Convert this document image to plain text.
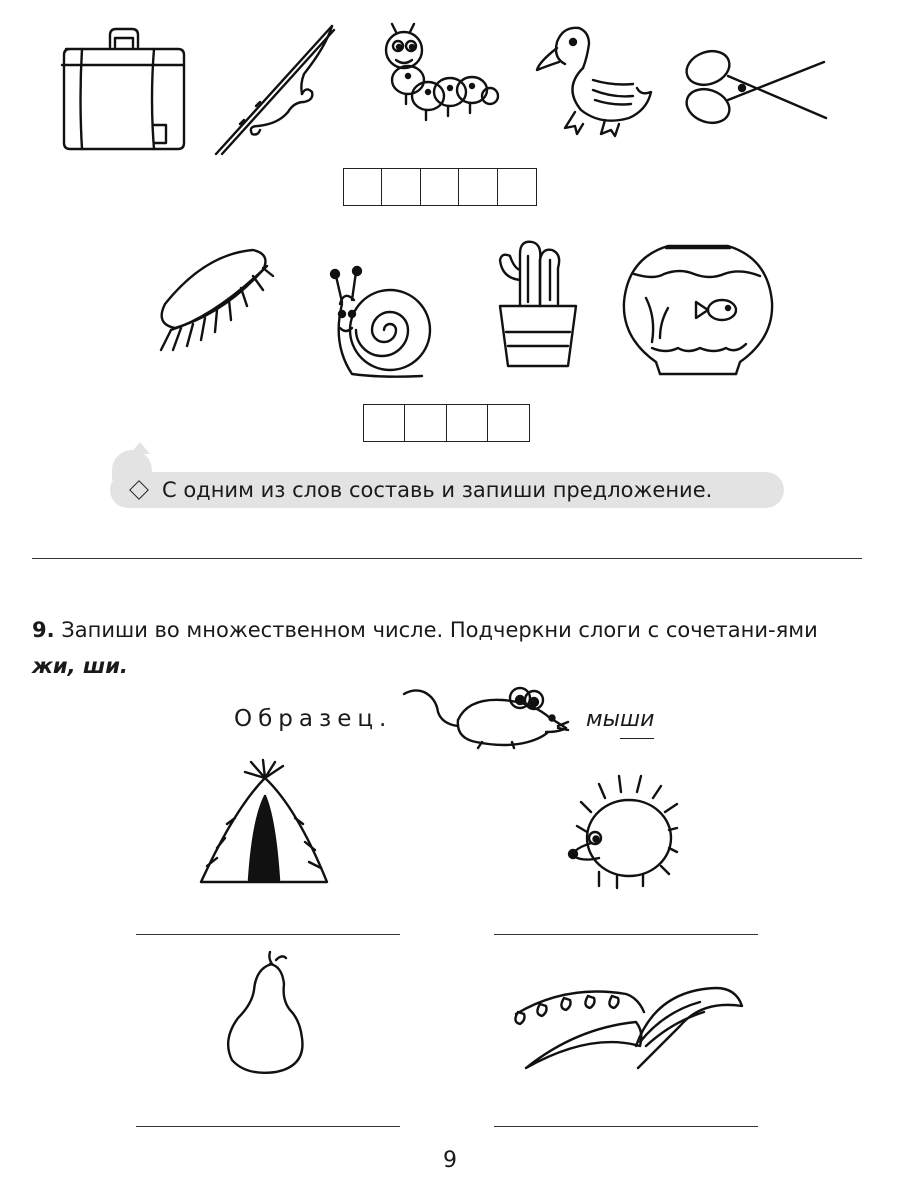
С одним из слов составь и запиши предложение.
9. Запиши во множественном числе. Подчеркни слоги с сочетани-ями жи, ши.
Образец.	мыши
9
